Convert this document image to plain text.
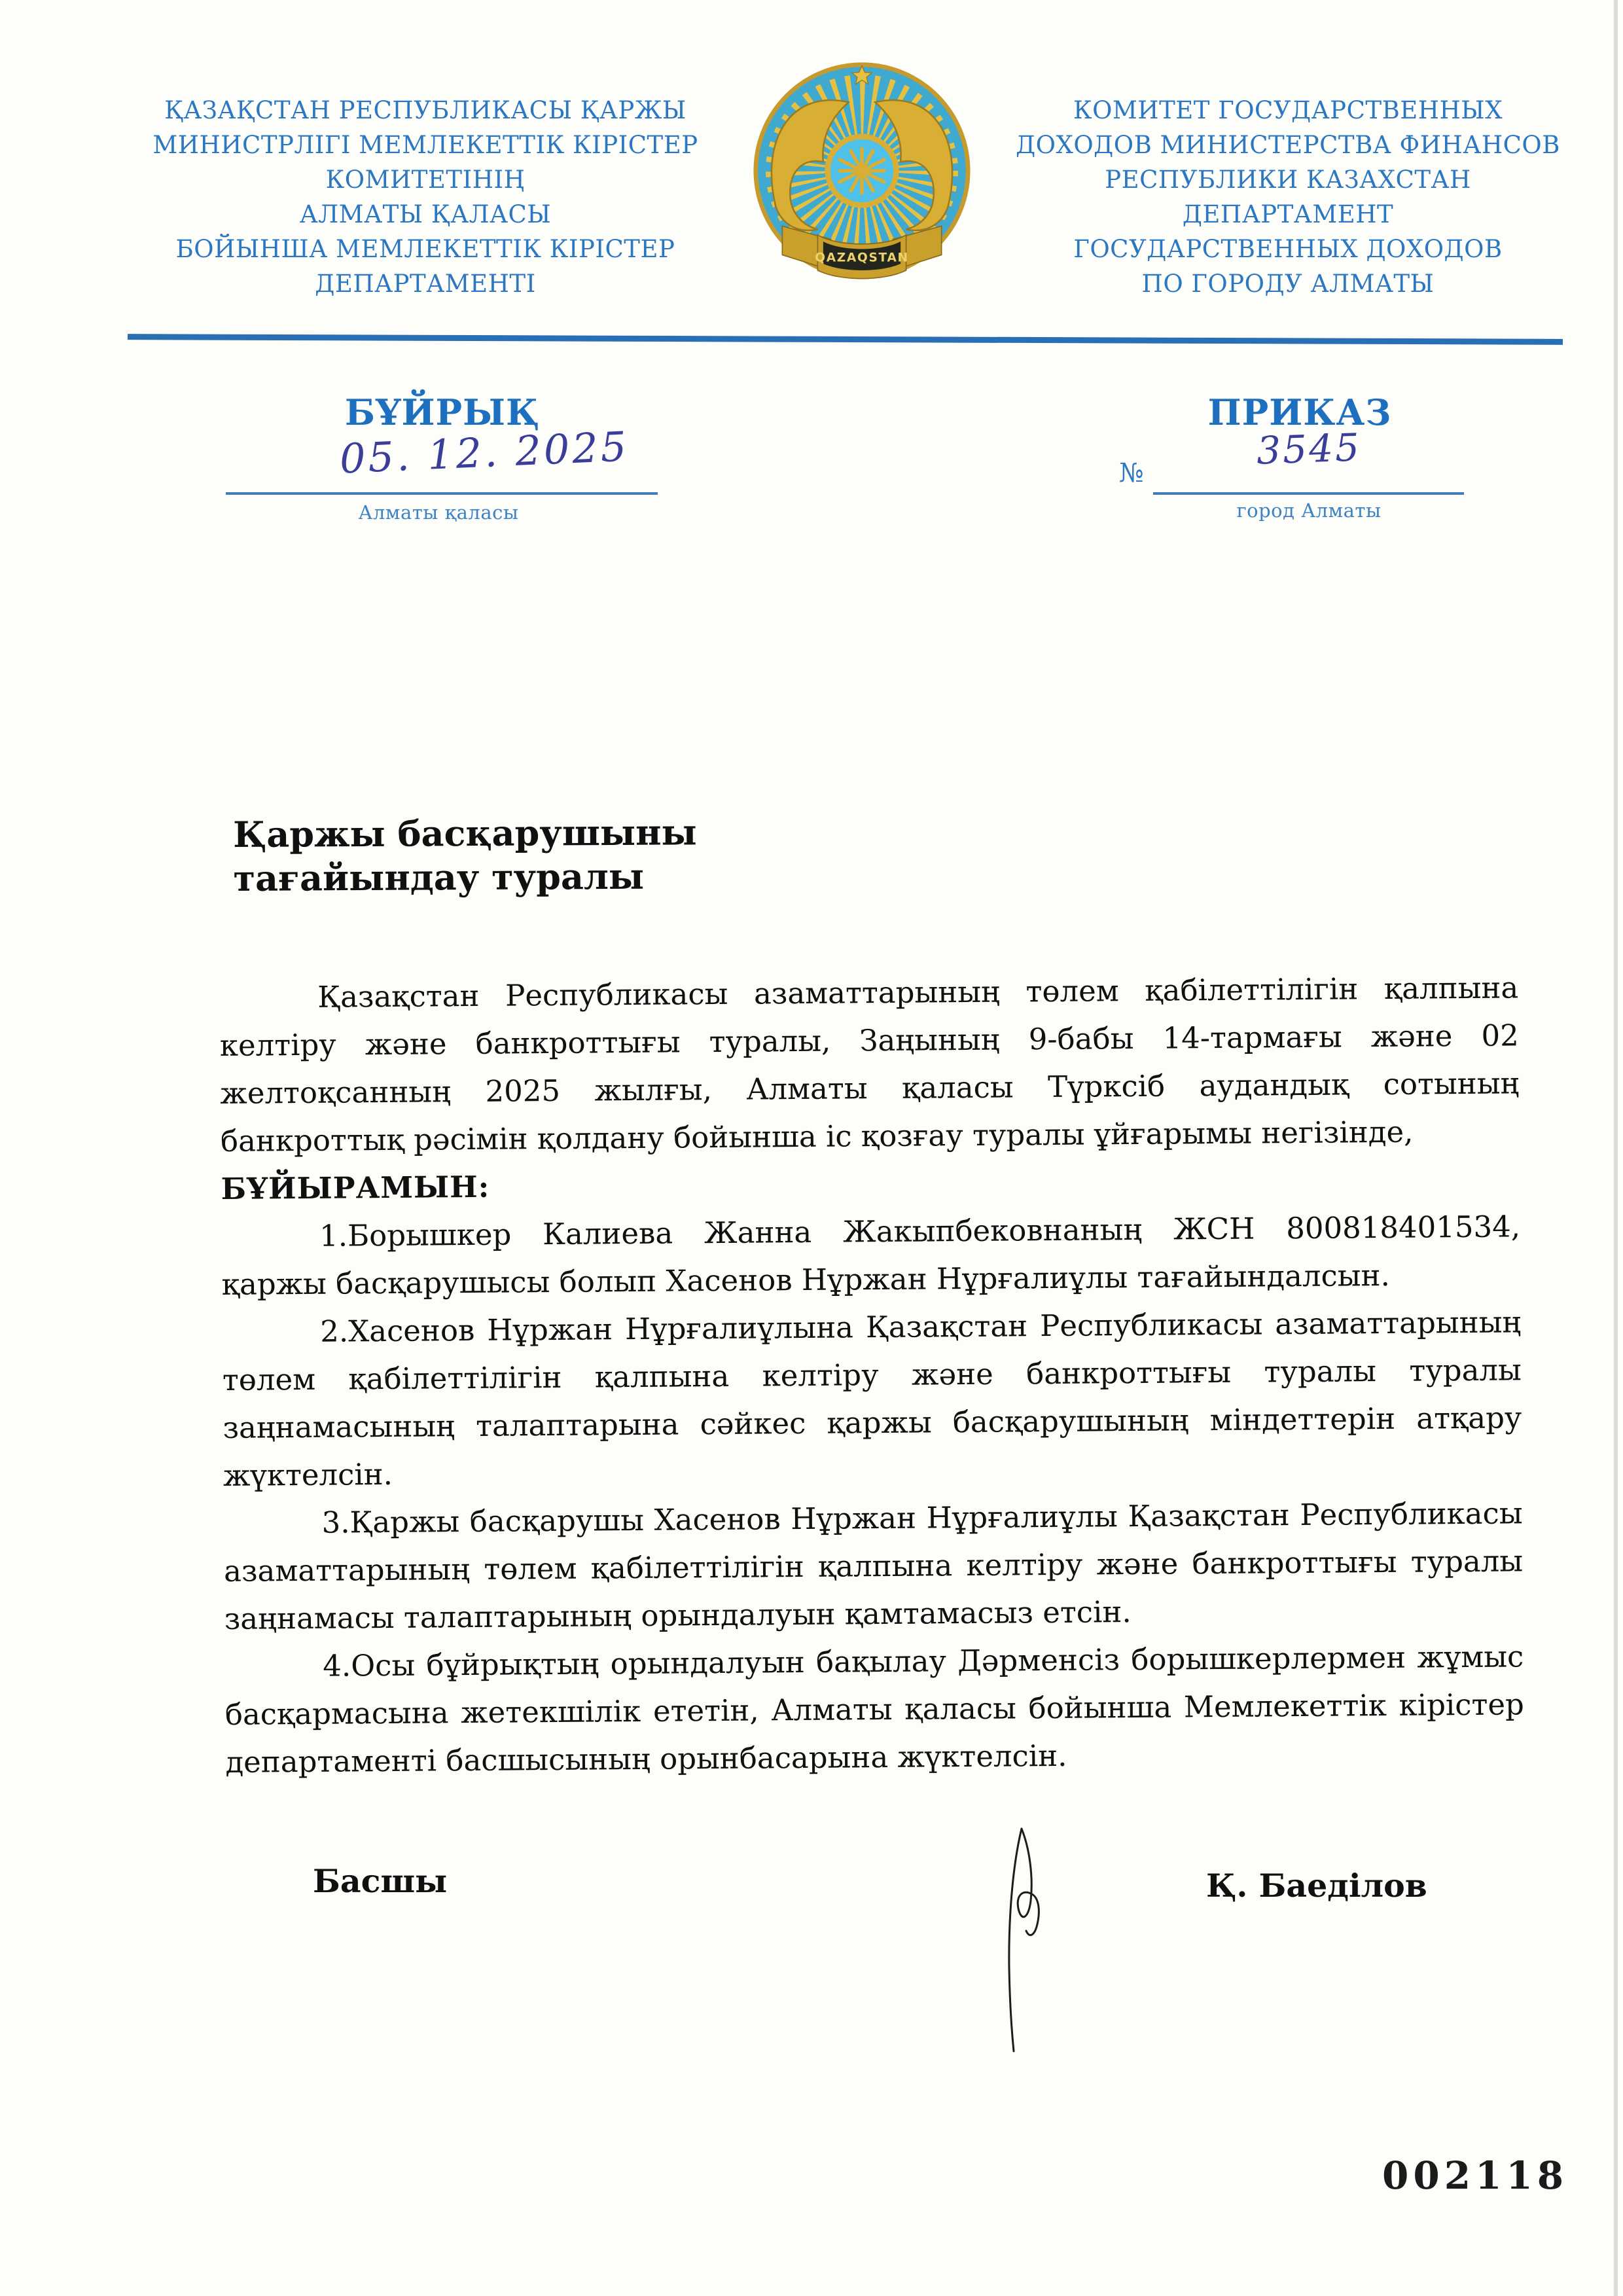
ҚАЗАҚСТАН РЕСПУБЛИКАСЫ ҚАРЖЫ
МИНИСТРЛІГІ МЕМЛЕКЕТТІК КІРІСТЕР
КОМИТЕТІНІҢ
АЛМАТЫ ҚАЛАСЫ
БОЙЫНША МЕМЛЕКЕТТІК КІРІСТЕР
ДЕПАРТАМЕНТІ
QAZAQSTAN
КОМИТЕТ ГОСУДАРСТВЕННЫХ
ДОХОДОВ МИНИСТЕРСТВА ФИНАНСОВ
РЕСПУБЛИКИ КАЗАХСТАН
ДЕПАРТАМЕНТ
ГОСУДАРСТВЕННЫХ ДОХОДОВ
ПО ГОРОДУ АЛМАТЫ
БҰЙРЫҚ	ПРИКАЗ
05. 12. 2025
Алматы қаласы
№
3545
город Алматы
Қаржы басқарушыны
тағайындау туралы

Қазақстан Республикасы азаматтарының төлем қабілеттілігін қалпына келтіру және банкроттығы туралы, Заңының 9-бабы 14-тармағы және 02 желтоқсанның 2025 жылғы, Алматы қаласы Түрксіб аудандық сотының банкроттық рәсімін қолдану бойынша іс қозғау туралы ұйғарымы негізінде,

БҰЙЫРАМЫН:

1.Борышкер Калиева Жанна Жакыпбековнаның ЖСН 800818401534, қаржы басқарушысы болып Хасенов Нұржан Нұрғалиұлы тағайындалсын.

2.Хасенов Нұржан Нұрғалиұлына Қазақстан Республикасы азаматтарының төлем қабілеттілігін қалпына келтіру және банкроттығы туралы туралы заңнамасының талаптарына сәйкес қаржы басқарушының міндеттерін атқару жүктелсін.

3.Қаржы басқарушы Хасенов Нұржан Нұрғалиұлы Қазақстан Республикасы азаматтарының төлем қабілеттілігін қалпына келтіру және банкроттығы туралы заңнамасы талаптарының орындалуын қамтамасыз етсін.

4.Осы бұйрықтың орындалуын бақылау Дәрменсіз борышкерлермен жұмыс басқармасына жетекшілік ететін, Алматы қаласы бойынша Мемлекеттік кірістер департаменті басшысының орынбасарына жүктелсін.

Басшы	Қ. Баеділов
002118
